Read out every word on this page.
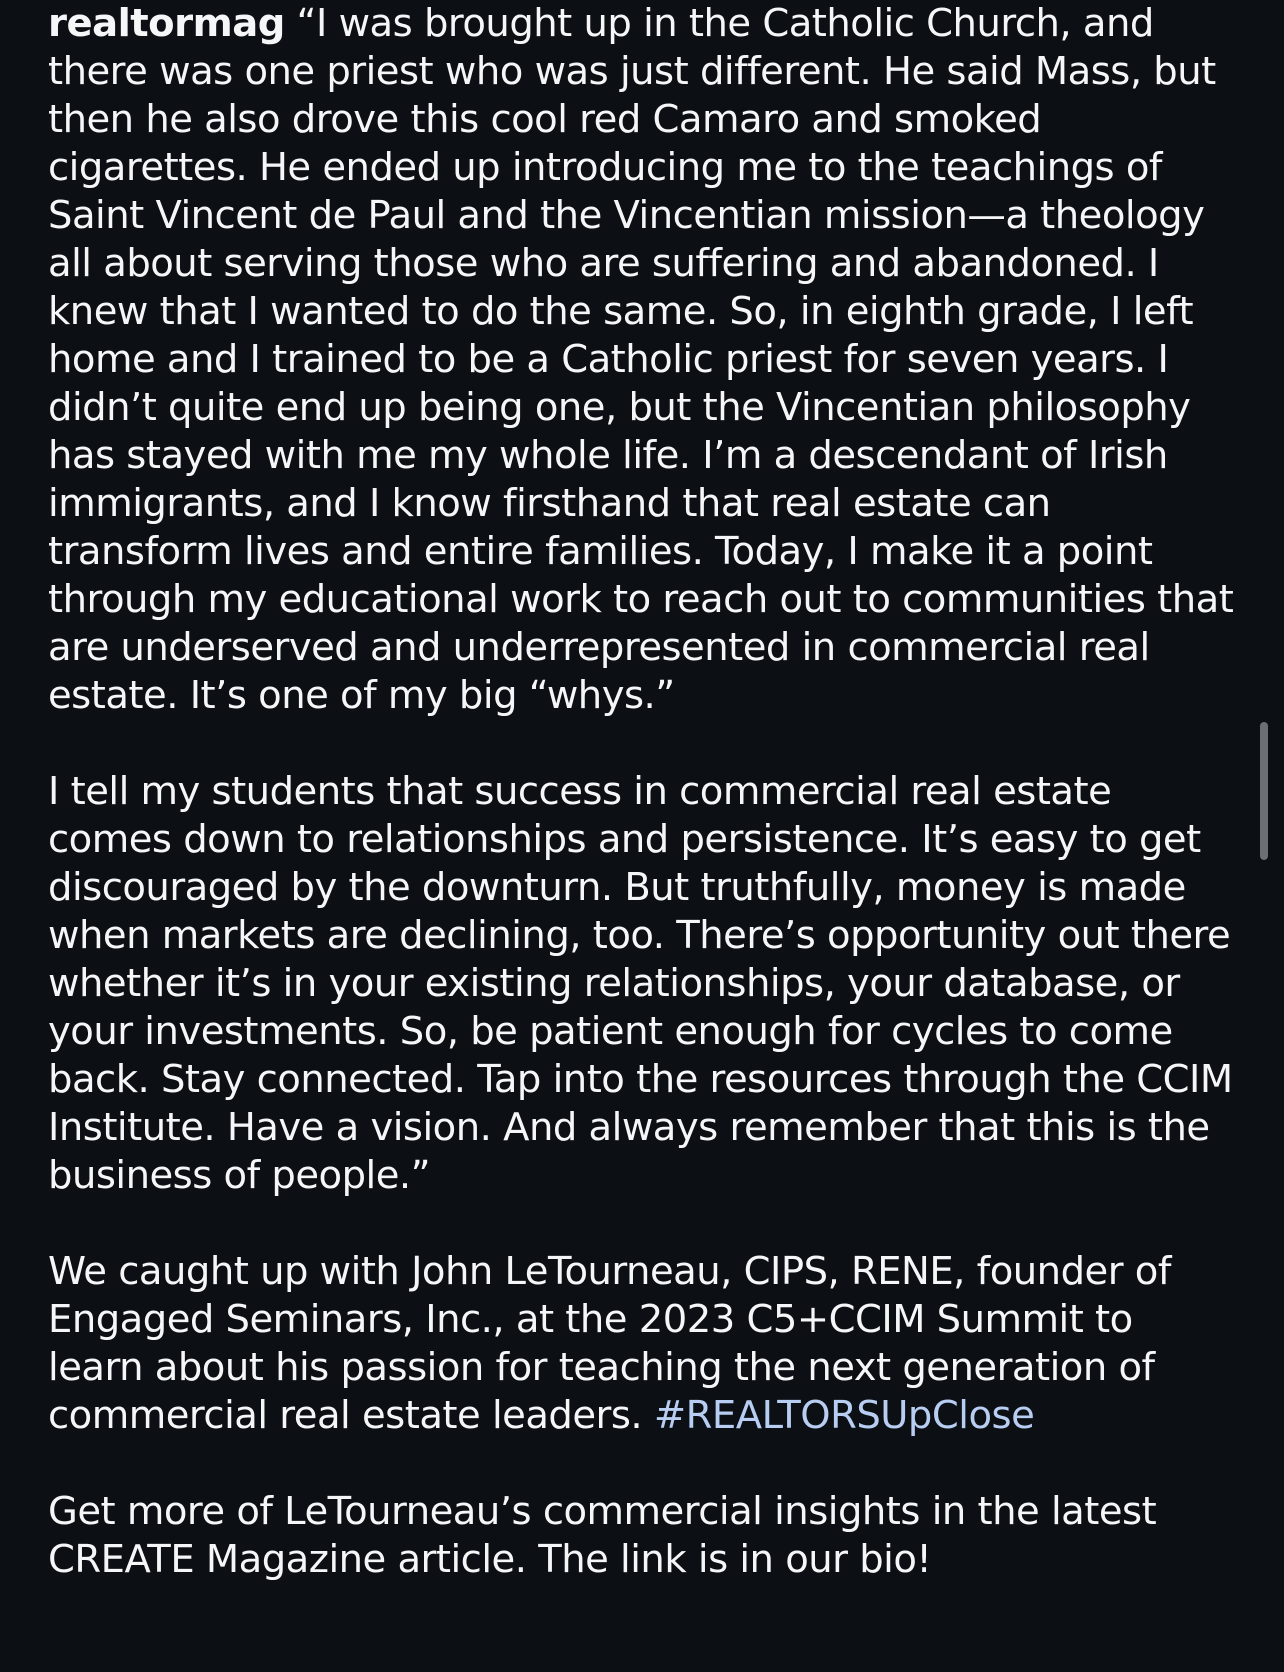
realtormag “I was brought up in the Catholic Church, and there was one priest who was just different. He said Mass, but then he also drove this cool red Camaro and smoked cigarettes. He ended up introducing me to the teachings of Saint Vincent de Paul and the Vincentian mission—a theology all about serving those who are suffering and abandoned. I knew that I wanted to do the same. So, in eighth grade, I left home and I trained to be a Catholic priest for seven years. I didn’t quite end up being one, but the Vincentian philosophy has stayed with me my whole life. I’m a descendant of Irish immigrants, and I know firsthand that real estate can transform lives and entire families. Today, I make it a point through my educational work to reach out to communities that are underserved and underrepresented in commercial real estate. It’s one of my big “whys.”

I tell my students that success in commercial real estate comes down to relationships and persistence. It’s easy to get discouraged by the downturn. But truthfully, money is made when markets are declining, too. There’s opportunity out there whether it’s in your existing relationships, your database, or your investments. So, be patient enough for cycles to come back. Stay connected. Tap into the resources through the CCIM Institute. Have a vision. And always remember that this is the business of people.”

We caught up with John LeTourneau, CIPS, RENE, founder of Engaged Seminars, Inc., at the 2023 C5+CCIM Summit to learn about his passion for teaching the next generation of commercial real estate leaders. #REALTORSUpClose

Get more of LeTourneau’s commercial insights in the latest CREATE Magazine article. The link is in our bio!
